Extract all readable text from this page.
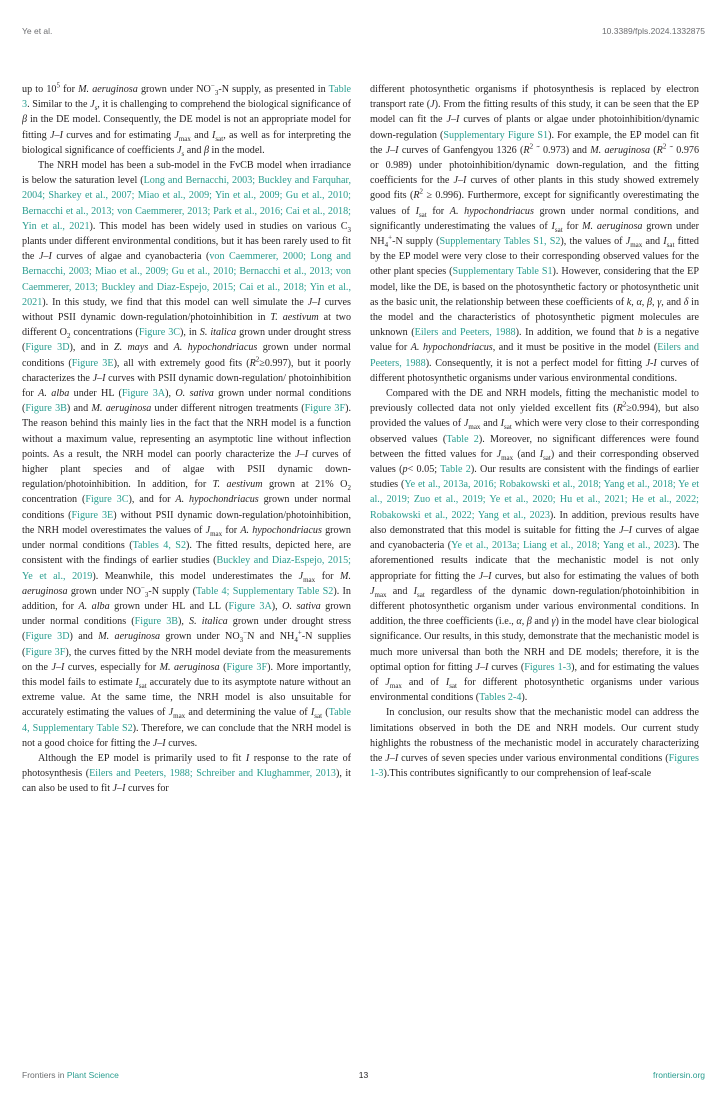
Ye et al.	10.3389/fpls.2024.1332875

up to $10^5$ for M. aeruginosa grown under $NO^-_3-N$ supply, as presented in Table 3. Similar to the $J_s$, it is challenging to comprehend the biological significance of β in the DE model. Consequently, the DE model is not an appropriate model for fitting J–I curves and for estimating $J_{max}$ and $I_{sat}$, as well as for interpreting the biological significance of coefficients $J_s$ and β in the model.

The NRH model has been a sub-model in the FvCB model when irradiance is below the saturation level (Long and Bernacchi, 2003; Buckley and Farquhar, 2004; Sharkey et al., 2007; Miao et al., 2009; Yin et al., 2009; Gu et al., 2010; Bernacchi et al., 2013; von Caemmerer, 2013; Park et al., 2016; Cai et al., 2018; Yin et al., 2021). This model has been widely used in studies on various $C_3$ plants under different environmental conditions, but it has been rarely used to fit the J–I curves of algae and cyanobacteria (von Caemmerer, 2000; Long and Bernacchi, 2003; Miao et al., 2009; Gu et al., 2010; Bernacchi et al., 2013; von Caemmerer, 2013; Buckley and Diaz-Espejo, 2015; Cai et al., 2018; Yin et al., 2021). In this study, we find that this model can well simulate the J–I curves without PSII dynamic down-regulation/photoinhibition in T. aestivum at two different $O_2$ concentrations (Figure 3C), in S. italica grown under drought stress (Figure 3D), and in Z. mays and A. hypochondriacus grown under normal conditions (Figure 3E), all with extremely good fits $(R^2\ge 0.997)$, but it poorly characterizes the J–I curves with PSII dynamic down-regulation/ photoinhibition for A. alba under HL (Figure 3A), O. sativa grown under normal conditions (Figure 3B) and M. aeruginosa under different nitrogen treatments (Figure 3F). The reason behind this mainly lies in the fact that the NRH model is a function without a maximum value, representing an asymptotic line without inflection points. As a result, the NRH model can poorly characterize the J–I curves of higher plant species and of algae with PSII dynamic down-regulation/photoinhibition. In addition, for T. aestivum grown at 21% $O_2$ concentration (Figure 3C), and for A. hypochondriacus grown under normal conditions (Figure 3E) without PSII dynamic down-regulation/photoinhibition, the NRH model overestimates the values of $J_{max}$ for A. hypochondriacus grown under normal conditions (Tables 4, S2). The fitted results, depicted here, are consistent with the findings of earlier studies (Buckley and Diaz-Espejo, 2015; Ye et al., 2019). Meanwhile, this model underestimates the $J_{max}$ for M. aeruginosa grown under $NO^-_3-N$ supply (Table 4; Supplementary Table S2). In addition, for A. alba grown under HL and LL (Figure 3A), O. sativa grown under normal conditions (Figure 3B), S. italica grown under drought stress (Figure 3D) and M. aeruginosa grown under $NO_3^-N$ and $NH_4^+-N$ supplies (Figure 3F), the curves fitted by the NRH model deviate from the measurements on the J–I curves, especially for M. aeruginosa (Figure 3F). More importantly, this model fails to estimate $I_{sat}$ accurately due to its asymptote nature without an extreme value. At the same time, the NRH model is also unsuitable for accurately estimating the values of $J_{max}$ and determining the value of $I_{sat}$ (Table 4, Supplementary Table S2). Therefore, we can conclude that the NRH model is not a good choice for fitting the J–I curves.

Although the EP model is primarily used to fit I response to the rate of photosynthesis (Eilers and Peeters, 1988; Schreiber and Klughammer, 2013), it can also be used to fit J–I curves for

different photosynthetic organisms if photosynthesis is replaced by electron transport rate (J). From the fitting results of this study, it can be seen that the EP model can fit the J–I curves of plants or algae under photoinhibition/dynamic down-regulation (Supplementary Figure S1). For example, the EP model can fit the J–I curves of Ganfengyou 1326 ($R^2$ ˜ 0.973) and M. aeruginosa ($R^2$ ˜ 0.976 or 0.989) under photoinhibition/dynamic down-regulation, and the fitting coefficients for the J–I curves of other plants in this study showed extremely good fits $(R^2 \ge 0.996)$. Furthermore, except for significantly overestimating the values of $I_{sat}$ for A. hypochondriacus grown under normal conditions, and significantly underestimating the values of $I_{sat}$ for M. aeruginosa grown under $NH_4^+-N$ supply (Supplementary Tables S1, S2), the values of $J_{max}$ and $I_{sat}$ fitted by the EP model were very close to their corresponding observed values for the other plant species (Supplementary Table S1). However, considering that the EP model, like the DE, is based on the photosynthetic factory or photosynthetic unit as the basic unit, the relationship between these coefficients of k, α, β, γ, and δ in the model and the characteristics of photosynthetic pigment molecules are unknown (Eilers and Peeters, 1988). In addition, we found that b is a negative value for A. hypochondriacus, and it must be positive in the model (Eilers and Peeters, 1988). Consequently, it is not a perfect model for fitting J-I curves of different photosynthetic organisms under various environmental conditions.

Compared with the DE and NRH models, fitting the mechanistic model to previously collected data not only yielded excellent fits $(R^2\ge 0.994)$, but also provided the values of $J_{max}$ and $I_{sat}$ which were very close to their corresponding observed values (Table 2). Moreover, no significant differences were found between the fitted values for $J_{max}$ (and $I_{sat}$) and their corresponding observed values (p< 0.05; Table 2). Our results are consistent with the findings of earlier studies (Ye et al., 2013a, 2016; Robakowski et al., 2018; Yang et al., 2018; Ye et al., 2019; Zuo et al., 2019; Ye et al., 2020; Hu et al., 2021; He et al., 2022; Robakowski et al., 2022; Yang et al., 2023). In addition, previous results have also demonstrated that this model is suitable for fitting the J–I curves of algae and cyanobacteria (Ye et al., 2013a; Liang et al., 2018; Yang et al., 2023). The aforementioned results indicate that the mechanistic model is not only appropriate for fitting the J–I curves, but also for estimating the values of both $J_{max}$ and $I_{sat}$ regardless of the dynamic down-regulation/photoinhibition in different photosynthetic organism under various environmental conditions. In addition, the three coefficients (i.e., α, β and γ) in the model have clear biological significance. Our results, in this study, demonstrate that the mechanistic model is much more universal than both the NRH and DE models; therefore, it is the optimal option for fitting J–I curves (Figures 1-3), and for estimating the values of $J_{max}$ and of $I_{sat}$ for different photosynthetic organisms under various environmental conditions (Tables 2-4).

In conclusion, our results show that the mechanistic model can address the limitations observed in both the DE and NRH models. Our current study highlights the robustness of the mechanistic model in accurately characterizing the J–I curves of seven species under various environmental conditions (Figures 1-3).This contributes significantly to our comprehension of leaf-scale

Frontiers in Plant Science	13	frontiersin.org
